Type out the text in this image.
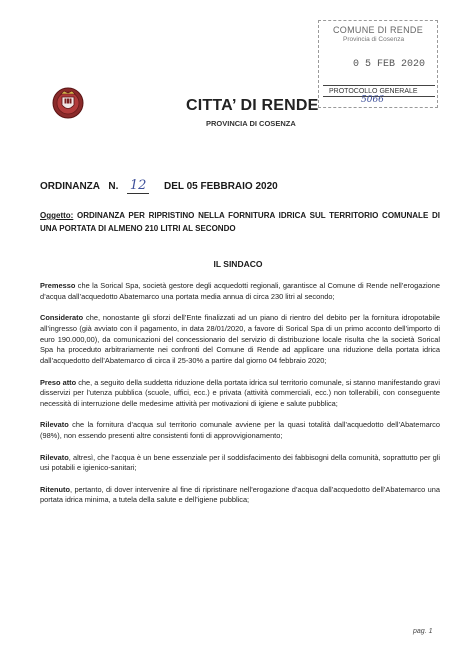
COMUNE DI RENDE
Provincia di Cosenza
0 5 FEB 2020
PROTOCOLLO GENERALE
5066
CITTA’ DI RENDE
PROVINCIA DI COSENZA
ORDINANZA N. 12 DEL 05 FEBBRAIO 2020
Oggetto: ORDINANZA PER RIPRISTINO NELLA FORNITURA IDRICA SUL TERRITORIO COMUNALE DI UNA PORTATA DI ALMENO 210 LITRI AL SECONDO
IL SINDACO

Premesso che la Sorical Spa, società gestore degli acquedotti regionali, garantisce al Comune di Rende nell’erogazione d’acqua dall’acquedotto Abatemarco una portata media annua di circa 230 litri al secondo;

Considerato che, nonostante gli sforzi dell’Ente finalizzati ad un piano di rientro del debito per la fornitura idropotabile all’ingresso (già avviato con il pagamento, in data 28/01/2020, a favore di Sorical Spa di un primo acconto dell’importo di euro 190.000,00), da comunicazioni del concessionario del servizio di distribuzione locale risulta che la società Sorical Spa ha proceduto arbitrariamente nei confronti del Comune di Rende ad applicare una riduzione della portata idrica dall’acquedotto dell’Abatemarco di circa il 25-30% a partire dal giorno 04 febbraio 2020;

Preso atto che, a seguito della suddetta riduzione della portata idrica sul territorio comunale, si stanno manifestando gravi disservizi per l’utenza pubblica (scuole, uffici, ecc.) e privata (attività commerciali, ecc.) non tollerabili, con conseguente necessità di interruzione delle medesime attività per motivazioni di igiene e salute pubblica;

Rilevato che la fornitura d’acqua sul territorio comunale avviene per la quasi totalità dall’acquedotto dell’Abatemarco (98%), non essendo presenti altre consistenti fonti di approvvigionamento;

Rilevato, altresì, che l’acqua è un bene essenziale per il soddisfacimento dei fabbisogni della comunità, soprattutto per gli usi potabili e igienico-sanitari;

Ritenuto, pertanto, di dover intervenire al fine di ripristinare nell’erogazione d’acqua dall’acquedotto dell’Abatemarco una portata idrica minima, a tutela della salute e dell’igiene pubblica;

pag. 1
